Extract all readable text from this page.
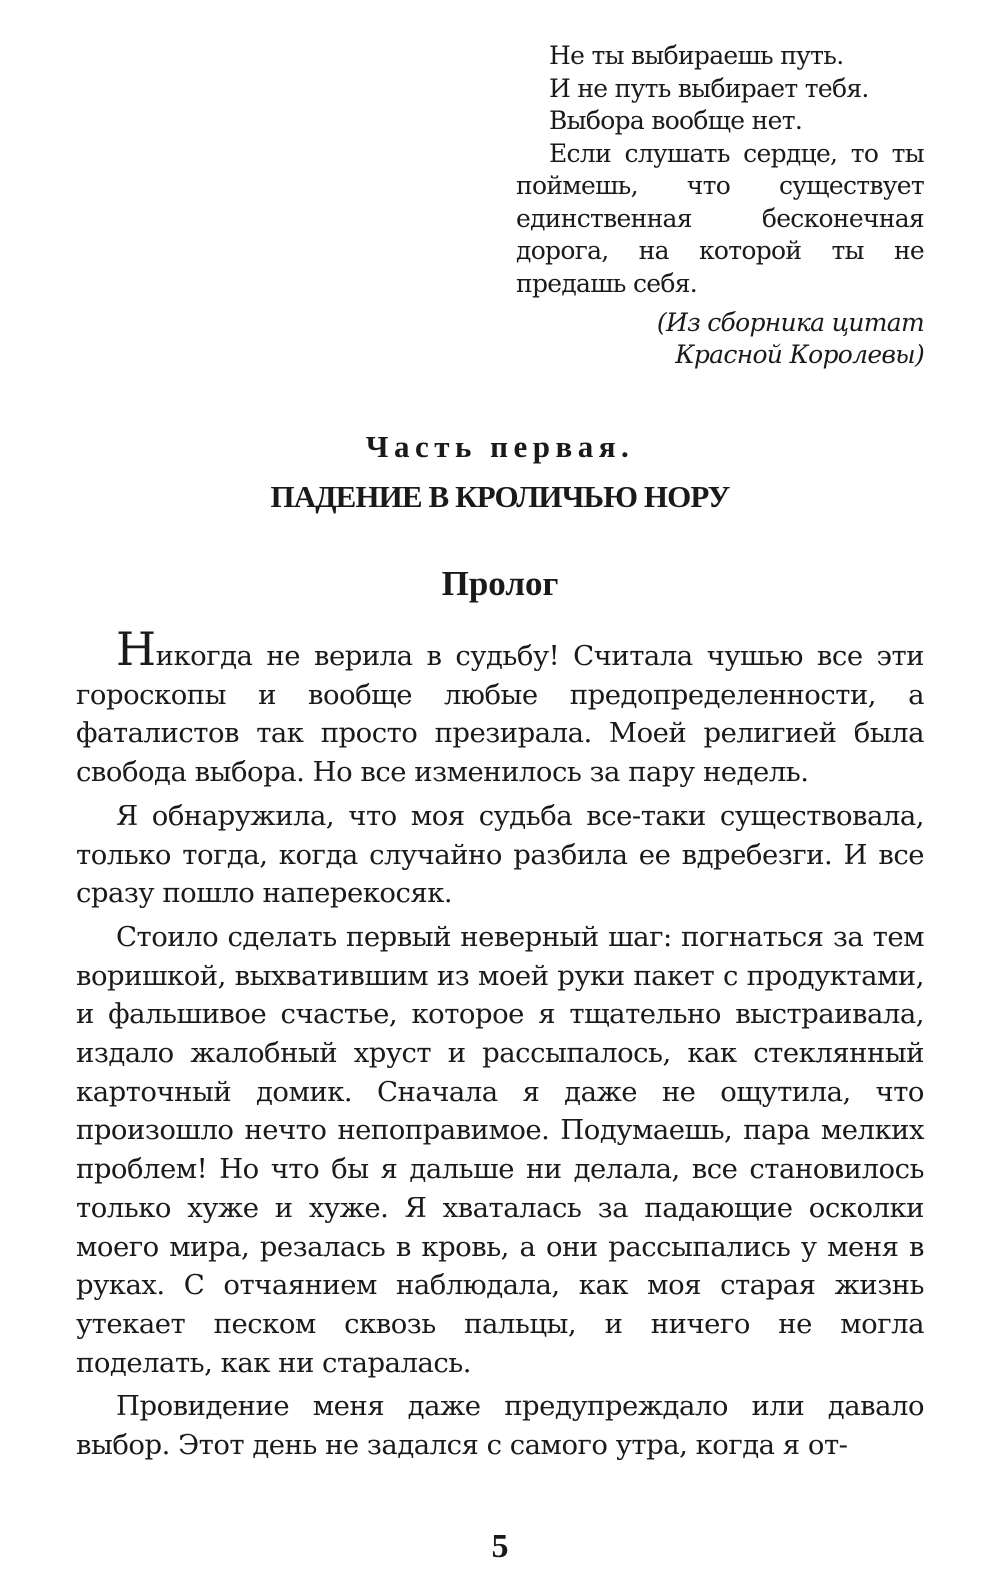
Не ты выбираешь путь.

И не путь выбирает тебя.

Выбора вообще нет.

Если слушать сердце, то ты поймешь, что существует единственная бесконечная дорога, на которой ты не предашь себя.

(Из сборника цитат Красной Королевы)
Часть первая.
ПАДЕНИЕ В КРОЛИЧЬЮ НОРУ
Пролог

Никогда не верила в судьбу! Считала чушью все эти гороскопы и вообще любые предопределенности, а фаталистов так просто презирала. Моей религией была свобода выбора. Но все изменилось за пару недель.

Я обнаружила, что моя судьба все-таки существовала, только тогда, когда случайно разбила ее вдребезги. И все сразу пошло наперекосяк.

Стоило сделать первый неверный шаг: погнаться за тем воришкой, выхватившим из моей руки пакет с продуктами, и фальшивое счастье, которое я тщательно выстраивала, издало жалобный хруст и рассыпалось, как стеклянный карточный домик. Сначала я даже не ощутила, что произошло нечто непоправимое. Подумаешь, пара мелких проблем! Но что бы я дальше ни делала, все становилось только хуже и хуже. Я хваталась за падающие осколки моего мира, резалась в кровь, а они рассыпались у меня в руках. С отчаянием наблюдала, как моя старая жизнь утекает песком сквозь пальцы, и ничего не могла поделать, как ни старалась.

Провидение меня даже предупреждало или давало выбор. Этот день не задался с самого утра, когда я от-

5
